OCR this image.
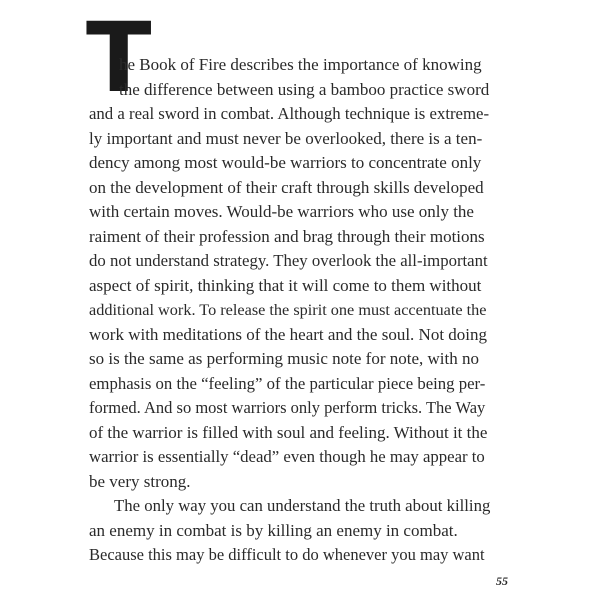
T
he Book of Fire describes the importance of knowing
the difference between using a bamboo practice sword
and a real sword in combat. Although technique is extreme-
ly important and must never be overlooked, there is a ten-
dency among most would-be warriors to concentrate only
on the development of their craft through skills developed
with certain moves. Would-be warriors who use only the
raiment of their profession and brag through their motions
do not understand strategy. They overlook the all-important
aspect of spirit, thinking that it will come to them without
additional work. To release the spirit one must accentuate the
work with meditations of the heart and the soul. Not doing
so is the same as performing music note for note, with no
emphasis on the “feeling” of the particular piece being per-
formed. And so most warriors only perform tricks. The Way
of the warrior is filled with soul and feeling. Without it the
warrior is essentially “dead” even though he may appear to
be very strong.
The only way you can understand the truth about killing
an enemy in combat is by killing an enemy in combat.
Because this may be difficult to do whenever you may want
55
